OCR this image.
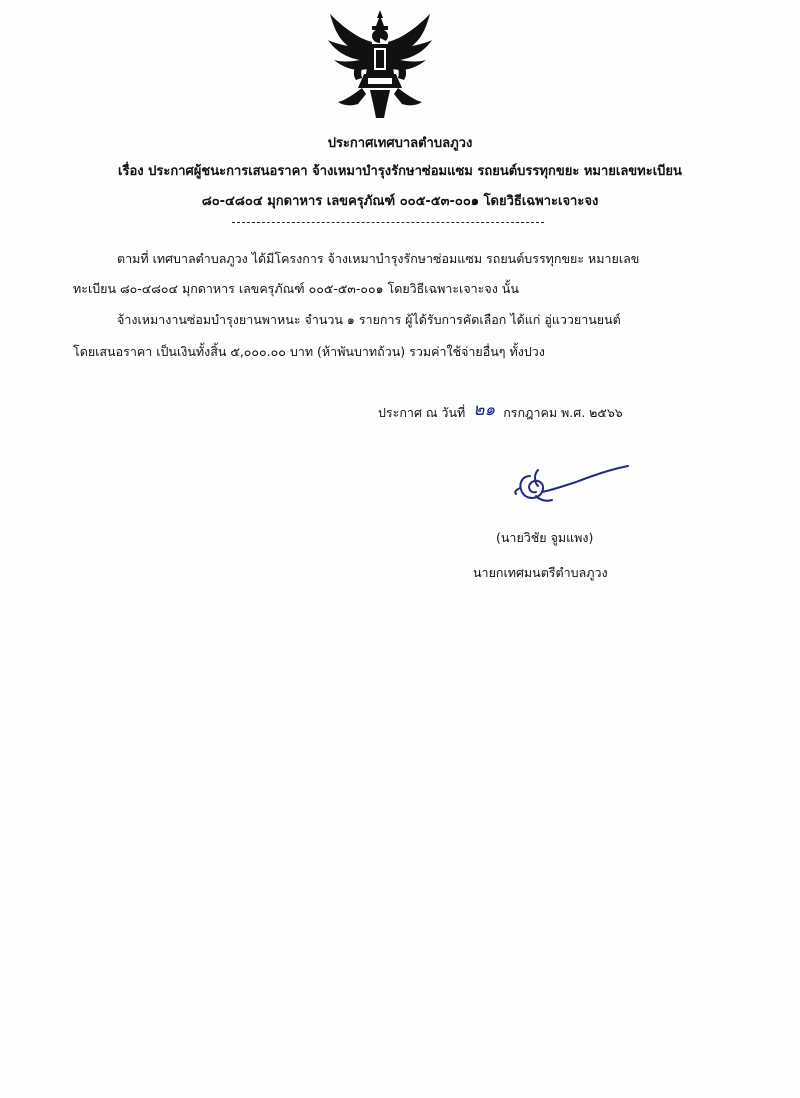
ประกาศเทศบาลตำบลภูวง
เรื่อง ประกาศผู้ชนะการเสนอราคา จ้างเหมาบำรุงรักษาซ่อมแซม รถยนต์บรรทุกขยะ หมายเลขทะเบียน
๘๐-๔๘๐๔ มุกดาหาร เลขครุภัณฑ์ ๐๐๕-๕๓-๐๐๑ โดยวิธีเฉพาะเจาะจง
ตามที่ เทศบาลตำบลภูวง ได้มีโครงการ จ้างเหมาบำรุงรักษาซ่อมแซม รถยนต์บรรทุกขยะ หมายเลข
ทะเบียน ๘๐-๔๘๐๔ มุกดาหาร เลขครุภัณฑ์ ๐๐๕-๕๓-๐๐๑ โดยวิธีเฉพาะเจาะจง นั้น
จ้างเหมางานซ่อมบำรุงยานพาหนะ จำนวน ๑ รายการ ผู้ได้รับการคัดเลือก ได้แก่ อู่แววยานยนต์
โดยเสนอราคา เป็นเงินทั้งสิ้น ๕,๐๐๐.๐๐ บาท (ห้าพันบาทถ้วน) รวมค่าใช้จ่ายอื่นๆ ทั้งปวง
ประกาศ ณ วันที่ ๒๑ กรกฎาคม พ.ศ. ๒๕๖๖
(นายวิชัย จูมแพง)
นายกเทศมนตรีตำบลภูวง
